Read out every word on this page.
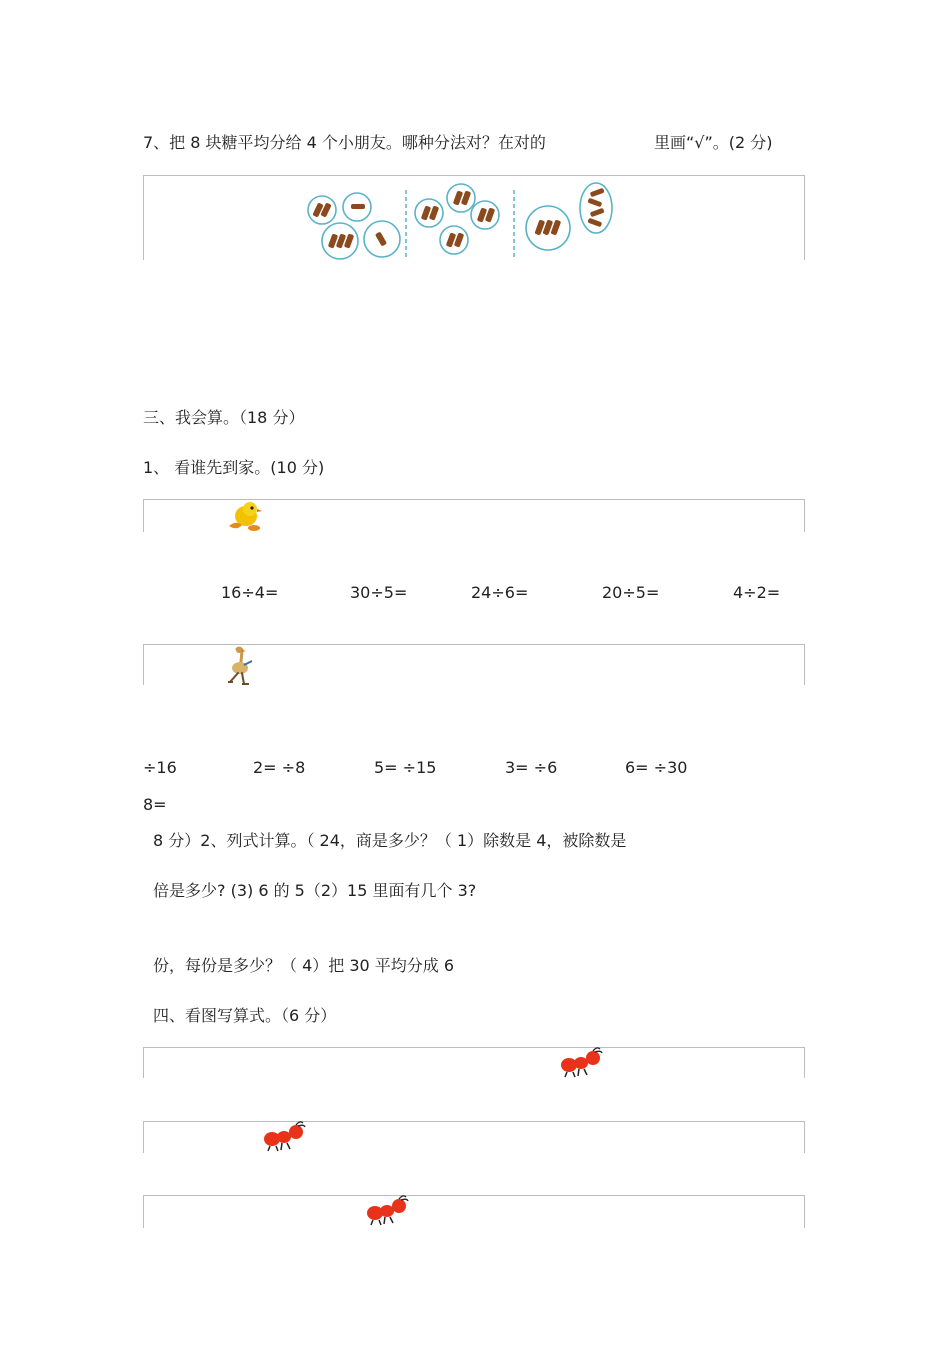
7、把 8 块糖平均分给 4 个小朋友。哪种分法对？在对的	里画“√”。(2 分)
三、我会算。（18 分）
1、 看谁先到家。(10 分)
16÷4=	30÷5=	24÷6=	20÷5=	4÷2=
÷16	2= ÷8	5= ÷15	3= ÷6	6= ÷30
8=
8 分）2、列式计算。（ 24，商是多少？（ 1）除数是 4，被除数是
倍是多少? (3) 6 的 5（2）15 里面有几个 3?
份，每份是多少？（ 4）把 30 平均分成 6
四、看图写算式。（6 分）
